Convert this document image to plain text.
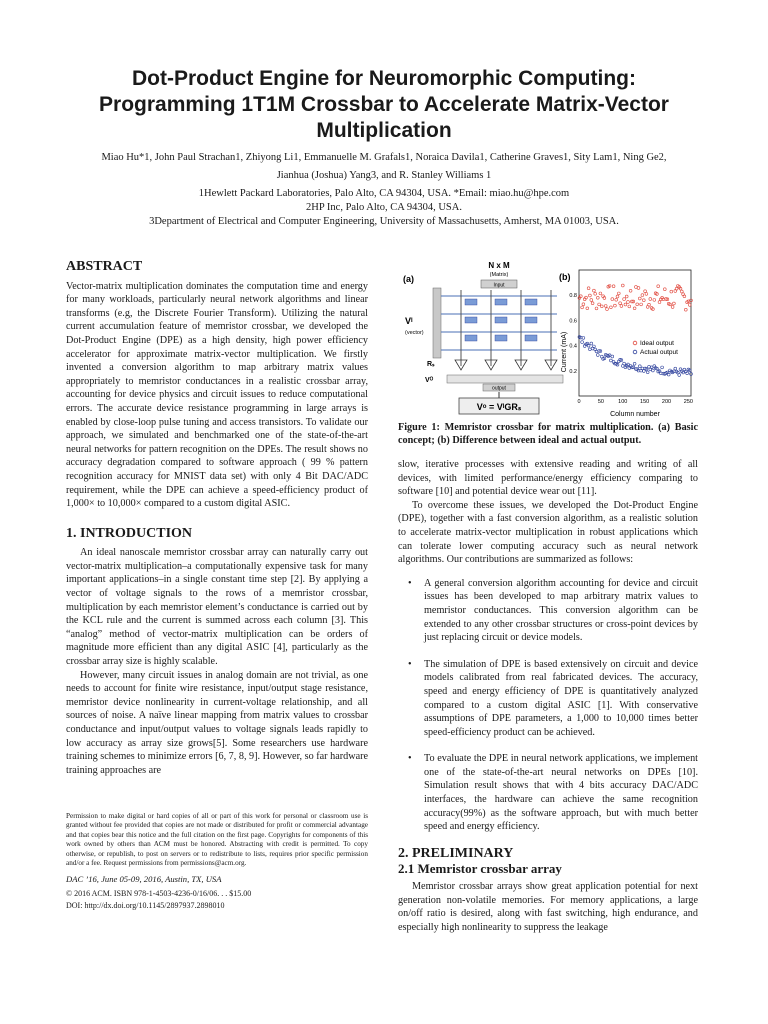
Dot-Product Engine for Neuromorphic Computing:
Programming 1T1M Crossbar to Accelerate Matrix-Vector
Multiplication
Miao Hu*1, John Paul Strachan1, Zhiyong Li1, Emmanuelle M. Grafals1, Noraica Davila1, Catherine Graves1, Sity Lam1, Ning Ge2,
Jianhua (Joshua) Yang3, and R. Stanley Williams 1
1Hewlett Packard Laboratories, Palo Alto, CA 94304, USA. *Email: miao.hu@hpe.com
2HP Inc, Palo Alto, CA 94304, USA.
3Department of Electrical and Computer Engineering, University of Massachusetts, Amherst, MA 01003, USA.
ABSTRACT

Vector-matrix multiplication dominates the computation time and energy for many workloads, particularly neural network algorithms and linear transforms (e.g, the Discrete Fourier Transform). Utilizing the natural current accumulation feature of memristor crossbar, we developed the Dot-Product Engine (DPE) as a high density, high power efficiency accelerator for approximate matrix-vector multiplication. We firstly invented a conversion algorithm to map arbitrary matrix values appropriately to memristor conductances in a realistic crossbar array, accounting for device physics and circuit issues to reduce computational errors. The accurate device resistance programming in large arrays is enabled by close-loop pulse tuning and access transistors. To validate our approach, we simulated and benchmarked one of the state-of-the-art neural networks for pattern recognition on the DPEs. The result shows no accuracy degradation compared to software approach ( 99 % pattern recognition accuracy for MNIST data set) with only 4 Bit DAC/ADC requirement, while the DPE can achieve a speed-efficiency product of 1,000× to 10,000× compared to a custom digital ASIC.

1. INTRODUCTION

An ideal nanoscale memristor crossbar array can naturally carry out vector-matrix multiplication–a computationally expensive task for many important applications–in a single constant time step [2]. By applying a vector of voltage signals to the rows of a memristor crossbar, multiplication by each memristor element’s conductance is carried out by the KCL rule and the current is summed across each column [3]. This “analog” method of vector-matrix multiplication can be orders of magnitude more efficient than any digital ASIC [4], particularly as the crossbar array size is highly scalable.

However, many circuit issues in analog domain are not trivial, as one needs to account for finite wire resistance, input/output stage resistance, memristor device nonlinearity in current-voltage relationship, and all sources of noise. A naïve linear mapping from matrix values to crossbar conductance and input/output values to voltage signals leads rapidly to low accuracy as array size grows[5]. Some researchers use hardware training schemes to minimize errors [6, 7, 8, 9]. However, so far hardware training approaches are

Permission to make digital or hard copies of all or part of this work for personal or classroom use is granted without fee provided that copies are not made or distributed for profit or commercial advantage and that copies bear this notice and the full citation on the first page. Copyrights for components of this work owned by others than ACM must be honored. Abstracting with credit is permitted. To copy otherwise, or republish, to post on servers or to redistribute to lists, requires prior specific permission and/or a fee. Request permissions from permissions@acm.org.

DAC ’16, June 05-09, 2016, Austin, TX, USA

© 2016 ACM. ISBN 978-1-4503-4236-0/16/06. . . $15.00

DOI: http://dx.doi.org/10.1145/2897937.2898010

(a)
N x M
(Matrix)
Input
Vᴵ
(vector)
Rₛ
Vᴼ
output
Vᵒ = VᴵGRₛ
(b)
Current (mA)
Column number
0.2
0.4
0.6
0.8
0	50	100 150 200 250
Ideal output
Actual output
Figure 1: Memristor crossbar for matrix multiplication. (a) Basic concept; (b) Difference between ideal and actual output.

slow, iterative processes with extensive reading and writing of all devices, with limited performance/energy efficiency comparing to software [10] and potential device wear out [11].

To overcome these issues, we developed the Dot-Product Engine (DPE), together with a fast conversion algorithm, as a realistic solution to accelerate matrix-vector multiplication in robust applications which can tolerate lower computing accuracy such as neural network algorithms. Our contributions are summarized as follows:

• A general conversion algorithm accounting for device and circuit issues has been developed to map arbitrary matrix values to memristor conductances. This conversion algorithm can be extended to any other crossbar structures or cross-point devices by just replacing circuit or device models.
• The simulation of DPE is based extensively on circuit and device models calibrated from real fabricated devices. The accuracy, speed and energy efficiency of DPE is quantitatively analyzed compared to a custom digital ASIC [1]. With conservative assumptions of DPE parameters, a 1,000 to 10,000 times better speed-efficiency product can be achieved.
• To evaluate the DPE in neural network applications, we implement one of the state-of-the-art neural networks on DPEs [10]. Simulation result shows that with 4 bits accuracy DAC/ADC interfaces, the hardware can achieve the same recognition accuracy(99%) as the software approach, but with much better speed and energy efficiency.
2. PRELIMINARY
2.1 Memristor crossbar array

Memristor crossbar arrays show great application potential for next generation non-volatile memories. For memory applications, a large on/off ratio is desired, along with fast switching, high endurance, and especially high nonlinearity to suppress the leakage
